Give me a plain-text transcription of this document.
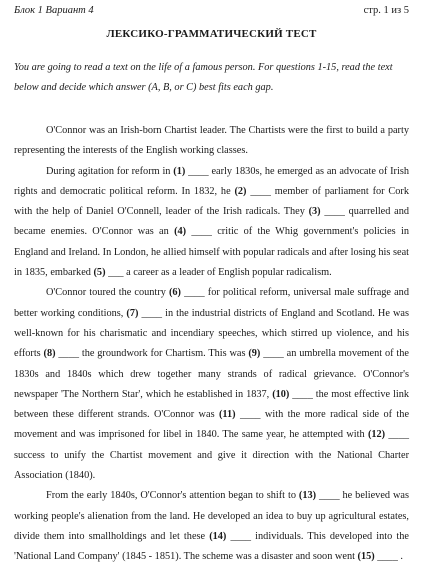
Блок 1 Вариант 4	стр. 1 из 5
ЛЕКСИКО-ГРАММАТИЧЕСКИЙ ТЕСТ

You are going to read a text on the life of a famous person. For questions 1-15, read the text below and decide which answer (A, B, or C) best fits each gap.

O'Connor was an Irish-born Chartist leader. The Chartists were the first to build a party representing the interests of the English working classes.

During agitation for reform in (1) ____ early 1830s, he emerged as an advocate of Irish rights and democratic political reform. In 1832, he (2) ____ member of parliament for Cork with the help of Daniel O'Connell, leader of the Irish radicals. They (3) ____ quarrelled and became enemies. O'Connor was an (4) ____ critic of the Whig government's policies in England and Ireland. In London, he allied himself with popular radicals and after losing his seat in 1835, embarked (5) ___ a career as a leader of English popular radicalism.

O'Connor toured the country (6) ____ for political reform, universal male suffrage and better working conditions, (7) ____ in the industrial districts of England and Scotland. He was well-known for his charismatic and incendiary speeches, which stirred up violence, and his efforts (8) ____ the groundwork for Chartism. This was (9) ____ an umbrella movement of the 1830s and 1840s which drew together many strands of radical grievance. O'Connor's newspaper 'The Northern Star', which he established in 1837, (10) ____ the most effective link between these different strands. O'Connor was (11) ____ with the more radical side of the movement and was imprisoned for libel in 1840. The same year, he attempted with (12) ____ success to unify the Chartist movement and give it direction with the National Charter Association (1840).

From the early 1840s, O'Connor's attention began to shift to (13) ____ he believed was working people's alienation from the land. He developed an idea to buy up agricultural estates, divide them into smallholdings and let these (14) ____ individuals. This developed into the 'National Land Company' (1845 - 1851). The scheme was a disaster and soon went (15) ____ .
